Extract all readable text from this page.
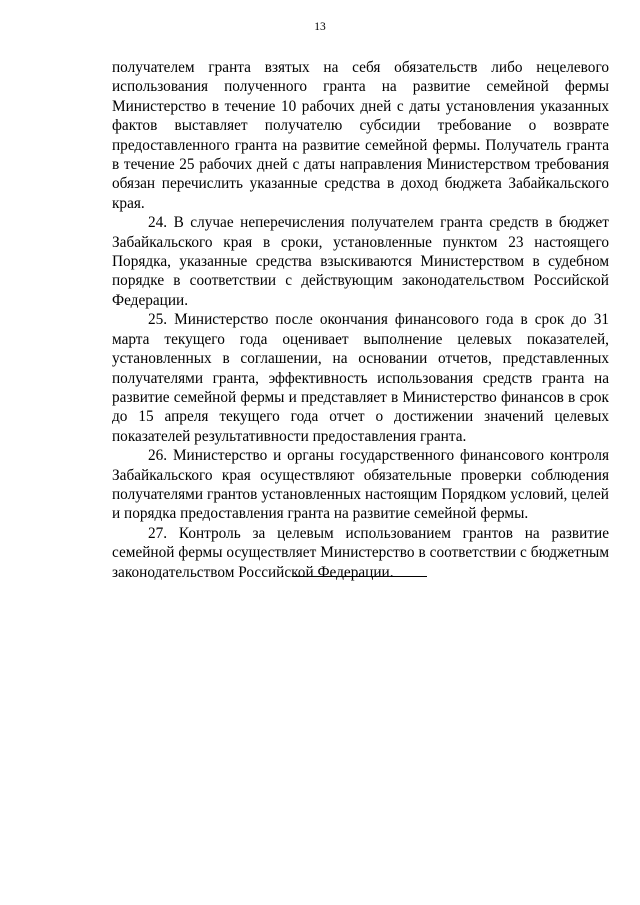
13

получателем гранта взятых на себя обязательств либо нецелевого использования полученного гранта на развитие семейной фермы Министерство в течение 10 рабочих дней с даты установления указанных фактов выставляет получателю субсидии требование о возврате предоставленного гранта на развитие семейной фермы. Получатель гранта в течение 25 рабочих дней с даты направления Министерством требования обязан перечислить указанные средства в доход бюджета Забайкальского края.

24. В случае неперечисления получателем гранта средств в бюджет Забайкальского края в сроки, установленные пунктом 23 настоящего Порядка, указанные средства взыскиваются Министерством в судебном порядке в соответствии с действующим законодательством Российской Федерации.

25. Министерство после окончания финансового года в срок до 31 марта текущего года оценивает выполнение целевых показателей, установленных в соглашении, на основании отчетов, представленных получателями гранта, эффективность использования средств гранта на развитие семейной фермы и представляет в Министерство финансов в срок до 15 апреля текущего года отчет о достижении значений целевых показателей результативности предоставления гранта.

26. Министерство и органы государственного финансового контроля Забайкальского края осуществляют обязательные проверки соблюдения получателями грантов установленных настоящим Порядком условий, целей и порядка предоставления гранта на развитие семейной фермы.

27. Контроль за целевым использованием грантов на развитие семейной фермы осуществляет Министерство в соответствии с бюджетным законодательством Российской Федерации.
